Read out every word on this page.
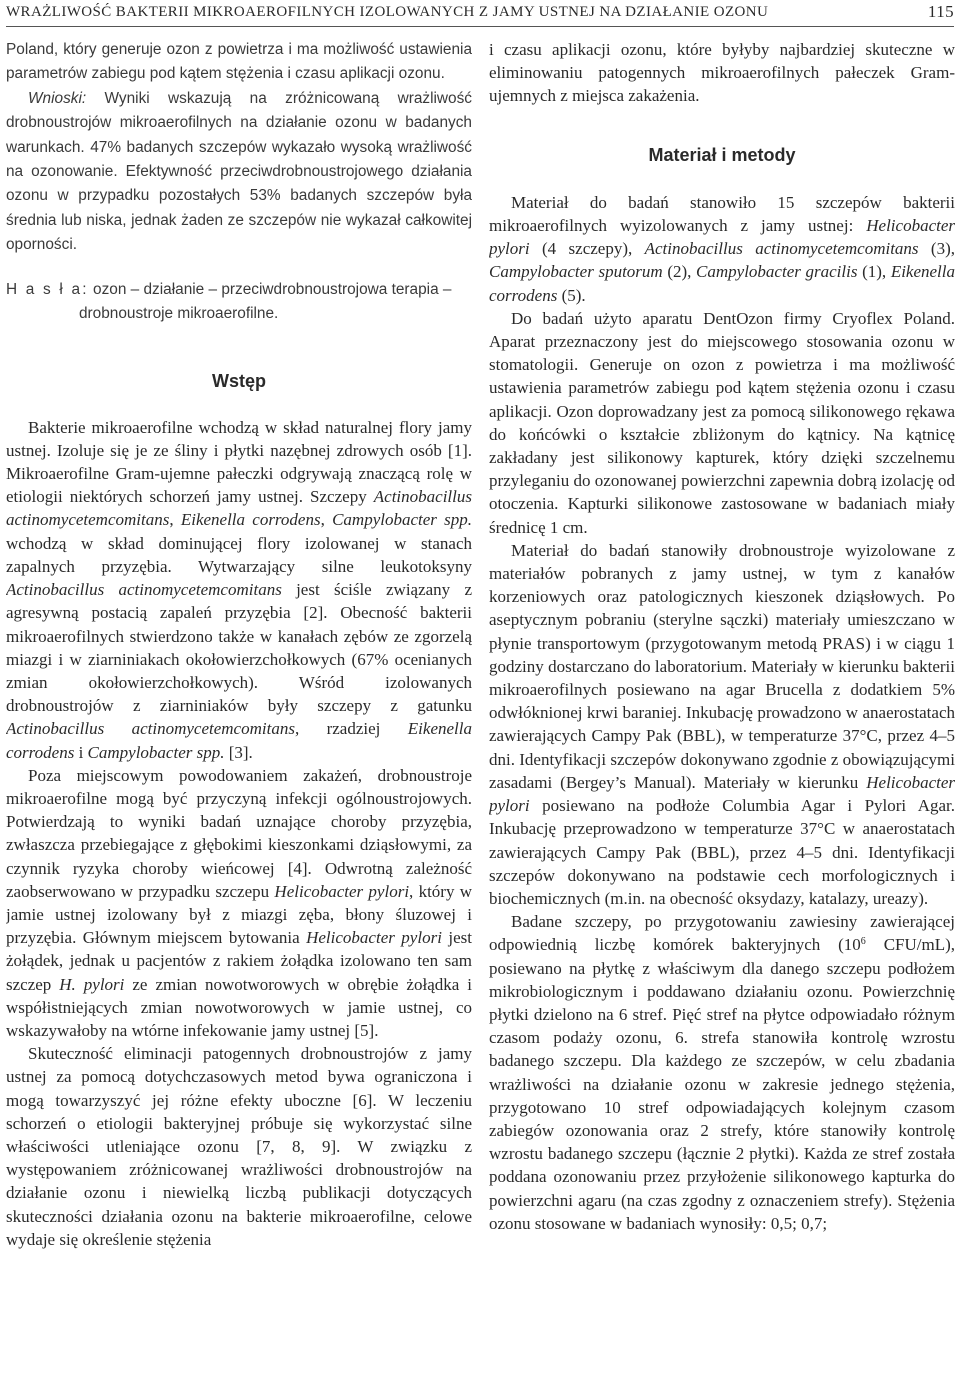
WRAŻLIWOŚĆ BAKTERII MIKROAEROFILNYCH IZOLOWANYCH Z JAMY USTNEJ NA DZIAŁANIE OZONU	115

Poland, który generuje ozon z powietrza i ma możliwość ustawienia parametrów zabiegu pod kątem stężenia i czasu aplikacji ozonu.

Wnioski: Wyniki wskazują na zróżnicowaną wrażliwość drobnoustrojów mikroaerofilnych na działanie ozonu w badanych warunkach. 47% badanych szczepów wykazało wysoką wrażliwość na ozonowanie. Efektywność przeciwdrobnoustrojowego działania ozonu w przypadku pozostałych 53% badanych szczepów była średnia lub niska, jednak żaden ze szczepów nie wykazał całkowitej oporności.

H a s ł a: ozon – działanie – przeciwdrobnoustrojowa terapia – drobnoustroje mikroaerofilne.

Wstęp

Bakterie mikroaerofilne wchodzą w skład naturalnej flory jamy ustnej. Izoluje się je ze śliny i płytki nazębnej zdrowych osób [1]. Mikroaerofilne Gram-ujemne pałeczki odgrywają znaczącą rolę w etiologii niektórych schorzeń jamy ustnej. Szczepy Actinobacillus actinomycetemcomitans, Eikenella corrodens, Campylobacter spp. wchodzą w skład dominującej flory izolowanej w stanach zapalnych przyzębia. Wytwarzający silne leukotoksyny Actinobacillus actinomycetemcomitans jest ściśle związany z agresywną postacią zapaleń przyzębia [2]. Obecność bakterii mikroaerofilnych stwierdzono także w kanałach zębów ze zgorzelą miazgi i w ziarniniakach okołowierzchołkowych (67% ocenianych zmian okołowierzchołkowych). Wśród izolowanych drobnoustrojów z ziarniniaków były szczepy z gatunku Actinobacillus actinomycetemcomitans, rzadziej Eikenella corrodens i Campylobacter spp. [3].

Poza miejscowym powodowaniem zakażeń, drobnoustroje mikroaerofilne mogą być przyczyną infekcji ogólnoustrojowych. Potwierdzają to wyniki badań uznające choroby przyzębia, zwłaszcza przebiegające z głębokimi kieszonkami dziąsłowymi, za czynnik ryzyka choroby wieńcowej [4]. Odwrotną zależność zaobserwowano w przypadku szczepu Helicobacter pylori, który w jamie ustnej izolowany był z miazgi zęba, błony śluzowej i przyzębia. Głównym miejscem bytowania Helicobacter pylori jest żołądek, jednak u pacjentów z rakiem żołądka izolowano ten sam szczep H. pylori ze zmian nowotworowych w obrębie żołądka i współistniejących zmian nowotworowych w jamie ustnej, co wskazywałoby na wtórne infekowanie jamy ustnej [5].

Skuteczność eliminacji patogennych drobnoustrojów z jamy ustnej za pomocą dotychczasowych metod bywa ograniczona i mogą towarzyszyć jej różne efekty uboczne [6]. W leczeniu schorzeń o etiologii bakteryjnej próbuje się wykorzystać silne właściwości utleniające ozonu [7, 8, 9]. W związku z występowaniem zróżnicowanej wrażliwości drobnoustrojów na działanie ozonu i niewielką liczbą publikacji dotyczących skuteczności działania ozonu na bakterie mikroaerofilne, celowe wydaje się określenie stężenia

i czasu aplikacji ozonu, które byłyby najbardziej skuteczne w eliminowaniu patogennych mikroaerofilnych pałeczek Gram-ujemnych z miejsca zakażenia.

Materiał i metody

Materiał do badań stanowiło 15 szczepów bakterii mikroaerofilnych wyizolowanych z jamy ustnej: Helicobacter pylori (4 szczepy), Actinobacillus actinomycetemcomitans (3), Campylobacter sputorum (2), Campylobacter gracilis (1), Eikenella corrodens (5).

Do badań użyto aparatu DentOzon firmy Cryoflex Poland. Aparat przeznaczony jest do miejscowego stosowania ozonu w stomatologii. Generuje on ozon z powietrza i ma możliwość ustawienia parametrów zabiegu pod kątem stężenia ozonu i czasu aplikacji. Ozon doprowadzany jest za pomocą silikonowego rękawa do końcówki o kształcie zbliżonym do kątnicy. Na kątnicę zakładany jest silikonowy kapturek, który dzięki szczelnemu przyleganiu do ozonowanej powierzchni zapewnia dobrą izolację od otoczenia. Kapturki silikonowe zastosowane w badaniach miały średnicę 1 cm.

Materiał do badań stanowiły drobnoustroje wyizolowane z materiałów pobranych z jamy ustnej, w tym z kanałów korzeniowych oraz patologicznych kieszonek dziąsłowych. Po aseptycznym pobraniu (sterylne sączki) materiały umieszczano w płynie transportowym (przygotowanym metodą PRAS) i w ciągu 1 godziny dostarczano do laboratorium. Materiały w kierunku bakterii mikroaerofilnych posiewano na agar Brucella z dodatkiem 5% odwłóknionej krwi baraniej. Inkubację prowadzono w anaerostatach zawierających Campy Pak (BBL), w temperaturze 37°C, przez 4–5 dni. Identyfikacji szczepów dokonywano zgodnie z obowiązującymi zasadami (Bergey’s Manual). Materiały w kierunku Helicobacter pylori posiewano na podłoże Columbia Agar i Pylori Agar. Inkubację przeprowadzono w temperaturze 37°C w anaerostatach zawierających Campy Pak (BBL), przez 4–5 dni. Identyfikacji szczepów dokonywano na podstawie cech morfologicznych i biochemicznych (m.in. na obecność oksydazy, katalazy, ureazy).

Badane szczepy, po przygotowaniu zawiesiny zawierającej odpowiednią liczbę komórek bakteryjnych ($10^6$ CFU/mL), posiewano na płytkę z właściwym dla danego szczepu podłożem mikrobiologicznym i poddawano działaniu ozonu. Powierzchnię płytki dzielono na 6 stref. Pięć stref na płytce odpowiadało różnym czasom podaży ozonu, 6. strefa stanowiła kontrolę wzrostu badanego szczepu. Dla każdego ze szczepów, w celu zbadania wrażliwości na działanie ozonu w zakresie jednego stężenia, przygotowano 10 stref odpowiadających kolejnym czasom zabiegów ozonowania oraz 2 strefy, które stanowiły kontrolę wzrostu badanego szczepu (łącznie 2 płytki). Każda ze stref została poddana ozonowaniu przez przyłożenie silikonowego kapturka do powierzchni agaru (na czas zgodny z oznaczeniem strefy). Stężenia ozonu stosowane w badaniach wynosiły: 0,5; 0,7;
